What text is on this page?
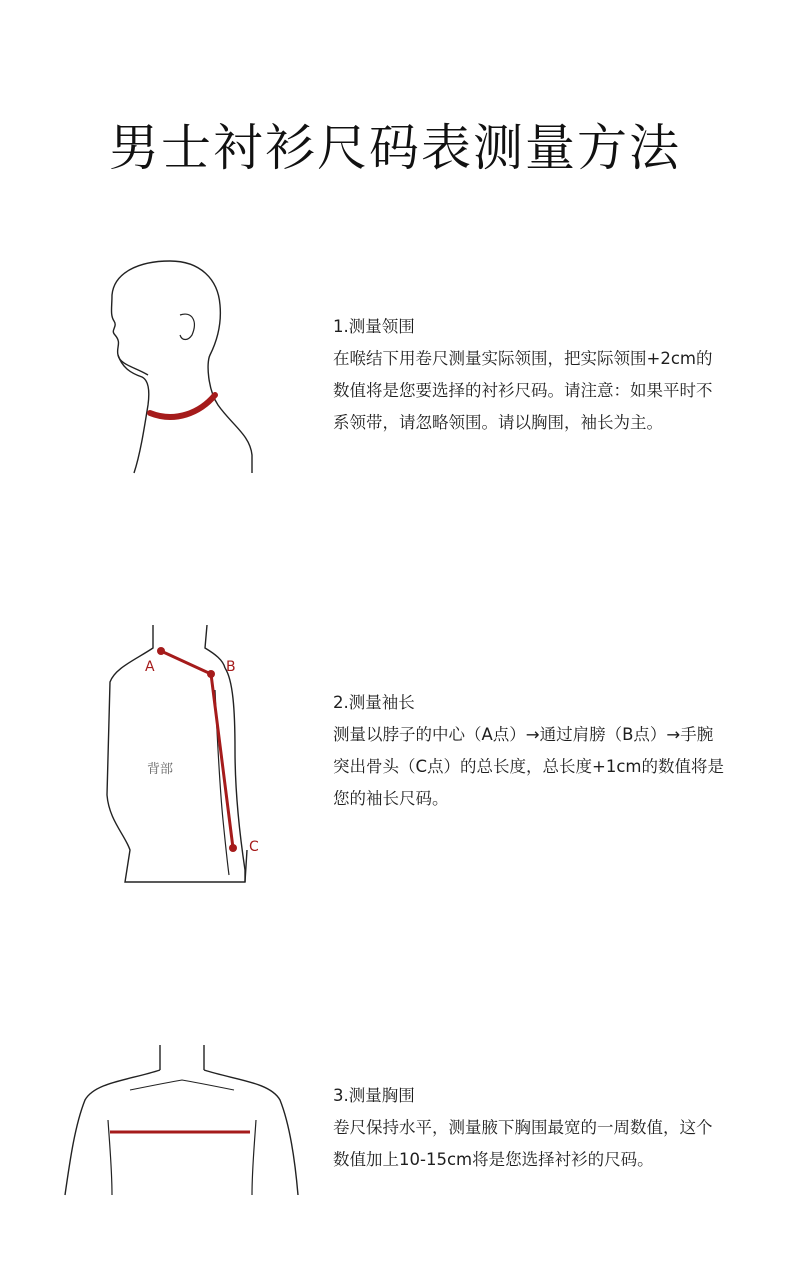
男士衬衫尺码表测量方法
1.测量领围
在喉结下用卷尺测量实际领围，把实际领围+2cm的数值将是您要选择的衬衫尺码。请注意：如果平时不系领带，请忽略领围。请以胸围，袖长为主。
背部
A	B
C
2.测量袖长
测量以脖子的中心（A点）→通过肩膀（B点）→手腕突出骨头（C点）的总长度，总长度+1cm的数值将是您的袖长尺码。
3.测量胸围
卷尺保持水平，测量腋下胸围最宽的一周数值，这个数值加上10-15cm将是您选择衬衫的尺码。
